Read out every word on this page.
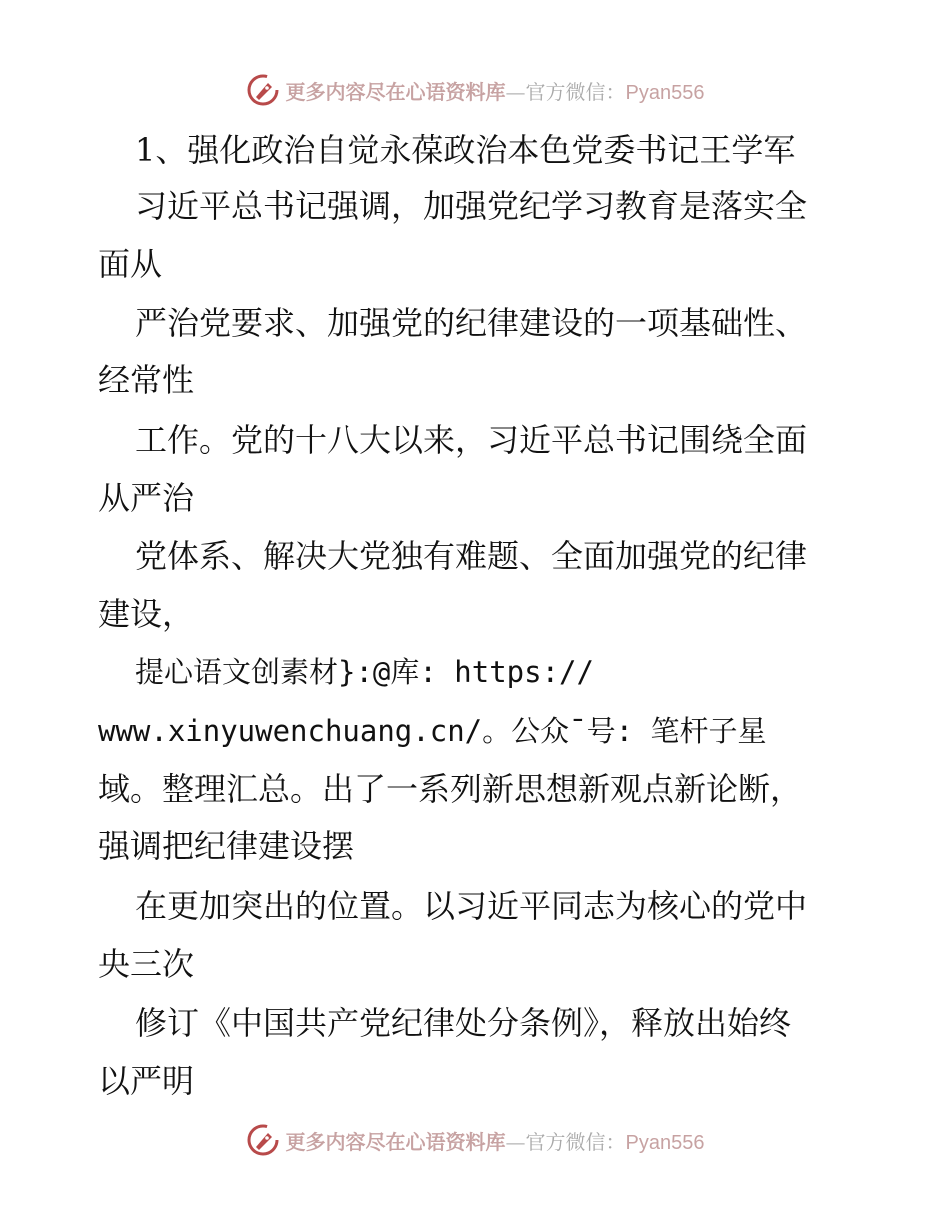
更多内容尽在心语资料库—官方微信：Pyan556
1、强化政治自觉永葆政治本色党委书记王学军
习近平总书记强调，加强党纪学习教育是落实全
面从
严治党要求、加强党的纪律建设的一项基础性、
经常性
工作。党的十八大以来，习近平总书记围绕全面
从严治
党体系、解决大党独有难题、全面加强党的纪律
建设，
提心语文创素材}:@库: https://
www.xinyuwenchuang.cn/。公众¯号: 笔杆子星
域。整理汇总。出了一系列新思想新观点新论断，
强调把纪律建设摆
在更加突出的位置。以习近平同志为核心的党中
央三次
修订《中国共产党纪律处分条例》，释放出始终
以严明
更多内容尽在心语资料库—官方微信：Pyan556
